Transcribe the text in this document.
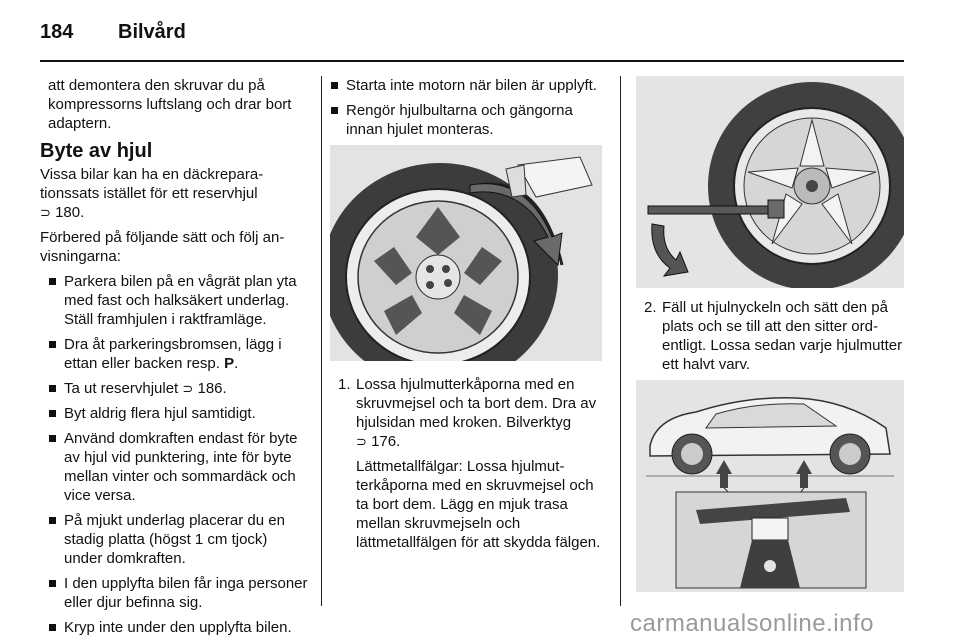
184 Bilvård
att demontera den skruvar du på kompressorns luftslang och drar bort adaptern.
Byte av hjul
Vissa bilar kan ha en däckreparationssats istället för ett reservhjul
⊃ 180.
Förbered på följande sätt och följ anvisningarna:
Parkera bilen på en vågrät plan yta med fast och halksäkert underlag. Ställ framhjulen i raktframläge.
Dra åt parkeringsbromsen, lägg i ettan eller backen resp. P.
Ta ut reservhjulet ⊃ 186.
Byt aldrig flera hjul samtidigt.
Använd domkraften endast för byte av hjul vid punktering, inte för byte mellan vinter och sommardäck och vice versa.
På mjukt underlag placerar du en stadig platta (högst 1 cm tjock) under domkraften.
I den upplyfta bilen får inga personer eller djur befinna sig.
Kryp inte under den upplyfta bilen.
Starta inte motorn när bilen är upplyft.
Rengör hjulbultarna och gängorna innan hjulet monteras.
1. Lossa hjulmutterkåporna med en skruvmejsel och ta bort dem. Dra av hjulsidan med kroken. Bilverktyg ⊃ 176.
Lättmetallfälgar: Lossa hjulmutterkåporna med en skruvmejsel och ta bort dem. Lägg en mjuk trasa mellan skruvmejseln och lättmetallfälgen för att skydda fälgen.
2. Fäll ut hjulnyckeln och sätt den på plats och se till att den sitter ordentligt. Lossa sedan varje hjulmutter ett halvt varv.
carmanualsonline.info
